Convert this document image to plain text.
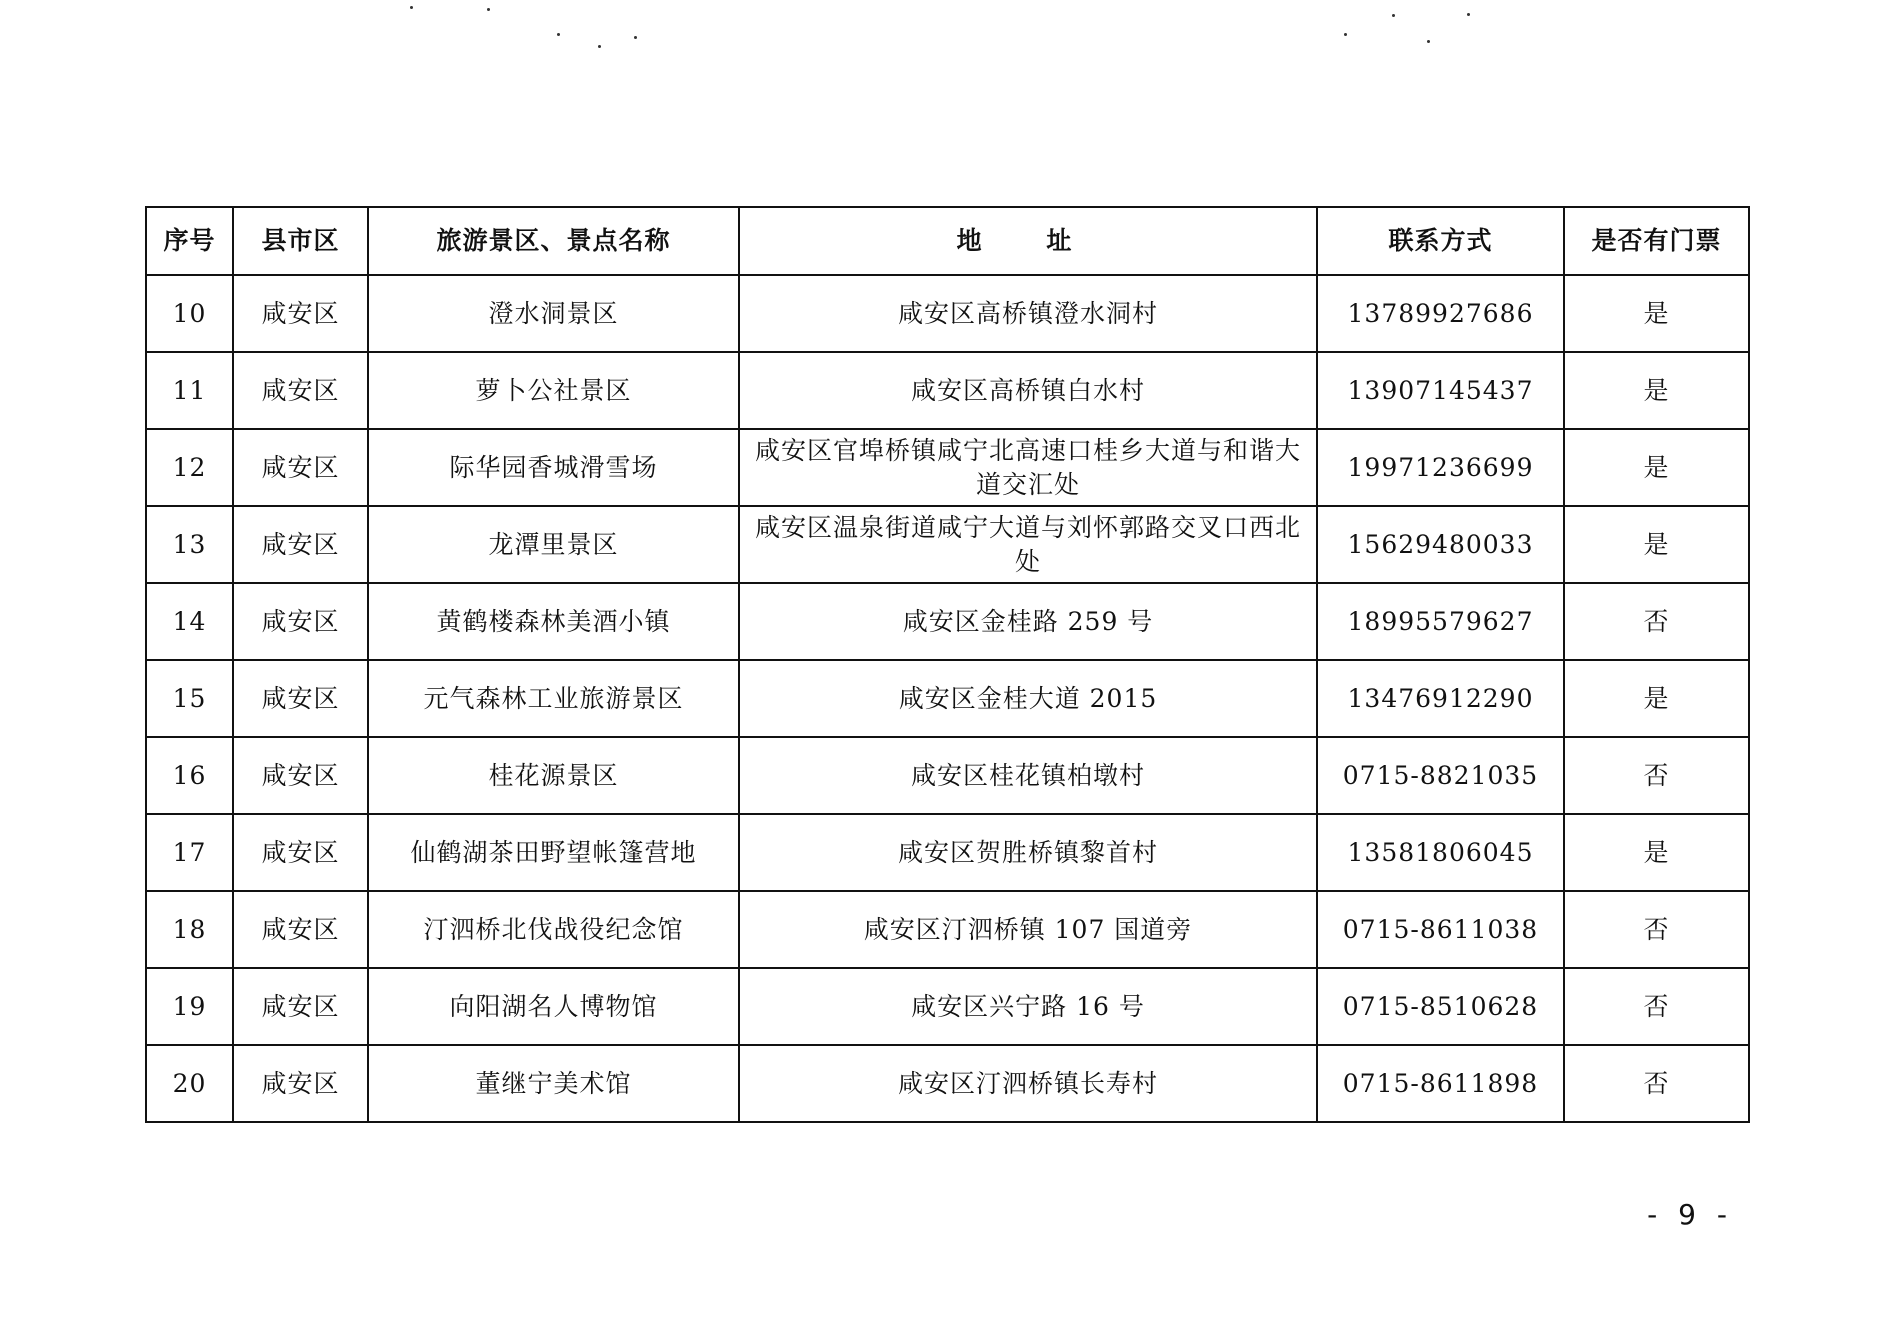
序号	县市区	旅游景区、景点名称	地 址	联系方式	是否有门票
10	咸安区	澄水洞景区	咸安区高桥镇澄水洞村	13789927686	是
11	咸安区	萝卜公社景区	咸安区高桥镇白水村	13907145437	是
12	咸安区	际华园香城滑雪场	咸安区官埠桥镇咸宁北高速口桂乡大道与和谐大道交汇处	19971236699	是
13	咸安区	龙潭里景区	咸安区温泉街道咸宁大道与刘怀郭路交叉口西北处	15629480033	是
14	咸安区	黄鹤楼森林美酒小镇	咸安区金桂路 259 号	18995579627	否
15	咸安区	元气森林工业旅游景区	咸安区金桂大道 2015	13476912290	是
16	咸安区	桂花源景区	咸安区桂花镇柏墩村	0715-8821035	否
17	咸安区	仙鹤湖茶田野望帐篷营地	咸安区贺胜桥镇黎首村	13581806045	是
18	咸安区	汀泗桥北伐战役纪念馆	咸安区汀泗桥镇 107 国道旁	0715-8611038	否
19	咸安区	向阳湖名人博物馆	咸安区兴宁路 16 号	0715-8510628	否
20	咸安区	董继宁美术馆	咸安区汀泗桥镇长寿村	0715-8611898	否
- 9 -
